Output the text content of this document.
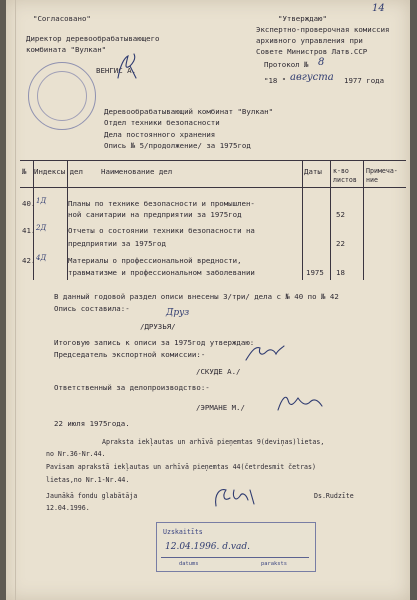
14
"Согласовано"
Директор деревообрабатывающего
комбината "Вулкан"
ВЕНГИС А.
"Утверждаю"
Экспертно-проверочная комиссия
архивного управления при
Совете Министров Латв.ССР
Протокол № 8
"18 " августа 1977 года
Деревообрабатывающий комбинат "Вулкан"
Отдел техники безопасности
Дела постоянного хранения
Опись № 5/продолжение/ за 1975год
№ Индексы дел Наименование дел	Даты к-во
листов
Примеча-
ние
40. 1Д	Планы по технике безопасности и промышлен-
ной санитарии на предприятии за 1975год	52
41. 2Д	Отчеты о состоянии техники безопасности на
предприятии за 1975год	22
42. 4Д	Материалы о профессиональной вредности,
травматизме и профессиональном заболевании	1975 18
В данный годовой раздел описи внесены 3/три/ дела с № 40 по № 42
Опись составила:-	Друз
/ДРУЗЬЯ/
Итоговую запись к описи за 1975год утверждаю:
Председатель экспортной комиссии:-
/СКУДЕ А./
Ответственный за делопроизводство:-
/ЭРМАНЕ М./
22 июля 1975года.
Apraksta iekļautas un arhīvā pieņemtas 9(deviņas)lietas,
no Nr.36-Nr.44.
Pavisam aprakstā iekļautas un arhīvā pieņemtas 44(četrdesmit četras)
lietas,no Nr.1-Nr.44.
Jaunākā fondu glabātāja
12.04.1996.
Ds.Rudzīte
Uzskaitīts
12.04.1996. d.vad.
datums	paraksts
